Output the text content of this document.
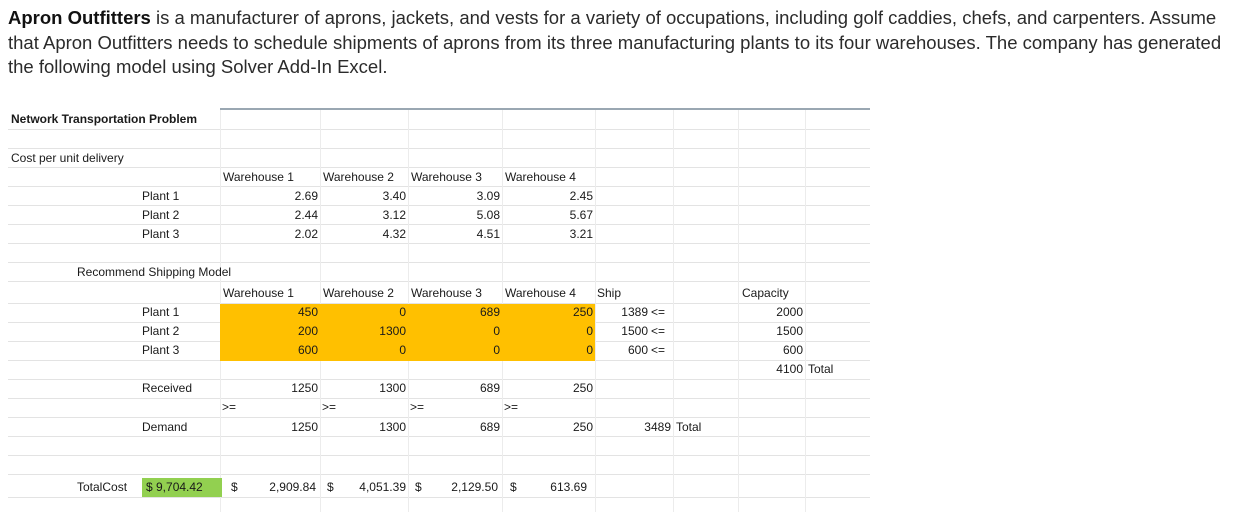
Apron Outfitters is a manufacturer of aprons, jackets, and vests for a variety of occupations, including golf caddies, chefs, and carpenters. Assume that Apron Outfitters needs to schedule shipments of aprons from its three manufacturing plants to its four warehouses. The company has generated the following model using Solver Add-In Excel.
Network Transportation Problem
Cost per unit delivery
Warehouse 1 Warehouse 2 Warehouse 3 Warehouse 4
Plant 1	2.69	3.40	3.09	2.45
Plant 2	2.44	3.12	5.08	5.67
Plant 3	2.02	4.32	4.51	3.21
Recommend Shipping Model
Warehouse 1 Warehouse 2 Warehouse 3 Warehouse 4 Ship	Capacity
Plant 1	450	0	689	250	1389 <=	2000
Plant 2	200	1300	0	0	1500 <=	1500
Plant 3	600	0	0	0	600 <=	600
4100 Total
Received	1250	1300	689	250
>=	>=	>=	>=
Demand	1250	1300	689	250	3489 Total
TotalCost $ 9,704.42 $	2,909.84 $	4,051.39 $	2,129.50 $	613.69
